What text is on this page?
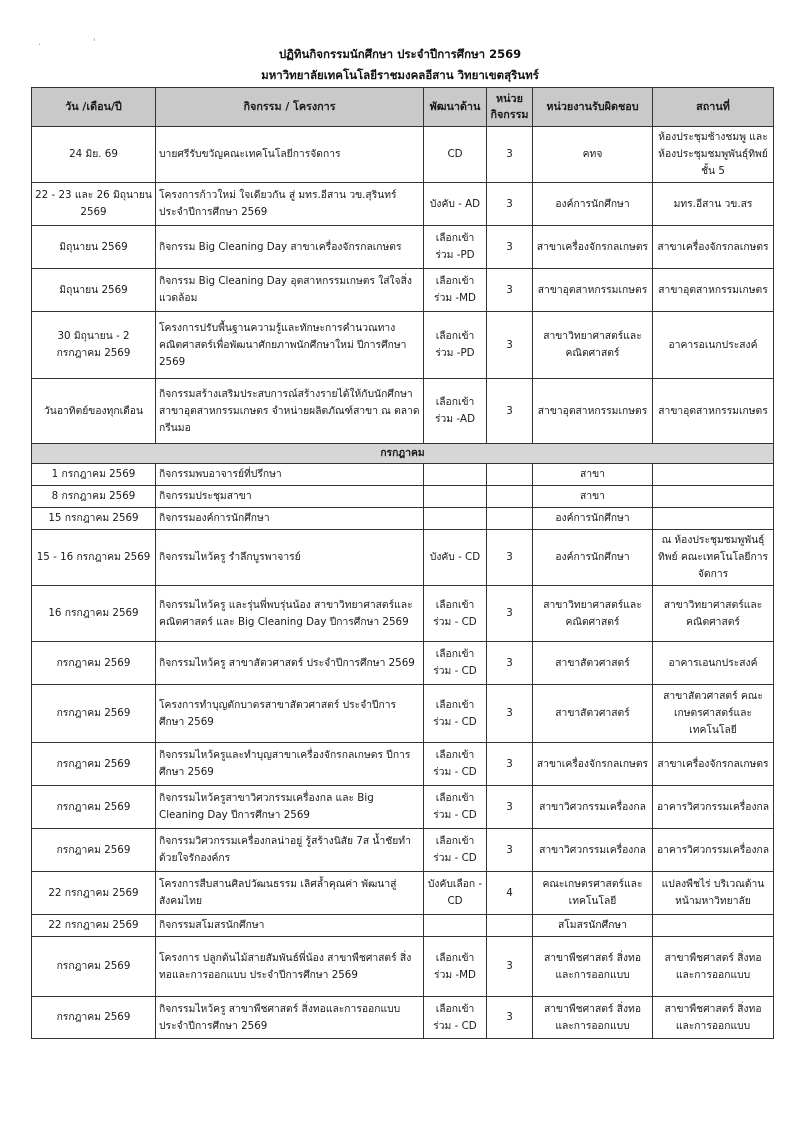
·	'
ปฏิทินกิจกรรมนักศึกษา ประจำปีการศึกษา 2569
มหาวิทยาลัยเทคโนโลยีราชมงคลอีสาน วิทยาเขตสุรินทร์
วัน /เดือน/ปี	กิจกรรม / โครงการ	พัฒนาด้าน	หน่วยกิจกรรม	หน่วยงานรับผิดชอบ	สถานที่
24 มิย. 69	บายศรีรับขวัญคณะเทคโนโลยีการจัดการ	CD	3	คทจ	ห้องประชุมช้างชมพู และห้องประชุมชมพูพันธุ์ทิพย์ ชั้น 5
22 - 23 และ 26 มิถุนายน 2569	โครงการก้าวใหม่ ใจเดียวกัน สู่ มทร.อีสาน วข.สุรินทร์ ประจำปีการศึกษา 2569	บังคับ - AD	3	องค์การนักศึกษา	มทร.อีสาน วข.สร
มิถุนายน 2569	กิจกรรม Big Cleaning Day สาขาเครื่องจักรกลเกษตร	เลือกเข้าร่วม -PD	3	สาขาเครื่องจักรกลเกษตร	สาขาเครื่องจักรกลเกษตร
มิถุนายน 2569	กิจกรรม Big Cleaning Day อุตสาหกรรมเกษตร ใส่ใจสิ่งแวดล้อม	เลือกเข้าร่วม -MD	3	สาขาอุตสาหกรรมเกษตร	สาขาอุตสาหกรรมเกษตร
30 มิถุนายน - 2 กรกฎาคม 2569	โครงการปรับพื้นฐานความรู้และทักษะการคำนวณทางคณิตศาสตร์เพื่อพัฒนาศักยภาพนักศึกษาใหม่ ปีการศึกษา 2569	เลือกเข้าร่วม -PD	3	สาขาวิทยาศาสตร์และคณิตศาสตร์	อาคารอเนกประสงค์
วันอาทิตย์ของทุกเดือน	กิจกรรมสร้างเสริมประสบการณ์สร้างรายได้ให้กับนักศึกษาสาขาอุตสาหกรรมเกษตร จำหน่ายผลิตภัณฑ์สาขา ณ ตลาดกรีนมอ	เลือกเข้าร่วม -AD	3	สาขาอุตสาหกรรมเกษตร	สาขาอุตสาหกรรมเกษตร
กรกฎาคม					
1 กรกฎาคม 2569	กิจกรรมพบอาจารย์ที่ปรึกษา			สาขา	
8 กรกฎาคม 2569	กิจกรรมประชุมสาขา			สาขา	
15 กรกฎาคม 2569	กิจกรรมองค์การนักศึกษา			องค์การนักศึกษา	
15 - 16 กรกฎาคม 2569	กิจกรรมไหว้ครู รำลึกบูรพาจารย์	บังคับ - CD	3	องค์การนักศึกษา	ณ ห้องประชุมชมพูพันธุ์ทิพย์ คณะเทคโนโลยีการจัดการ
16 กรกฎาคม 2569	กิจกรรมไหว้ครู และรุ่นพี่พบรุ่นน้อง สาขาวิทยาศาสตร์และคณิตศาสตร์ และ Big Cleaning Day ปีการศึกษา 2569	เลือกเข้าร่วม - CD	3	สาขาวิทยาศาสตร์และคณิตศาสตร์	สาขาวิทยาศาสตร์และคณิตศาสตร์
กรกฎาคม 2569	กิจกรรมไหว้ครู สาขาสัตวศาสตร์ ประจำปีการศึกษา 2569	เลือกเข้าร่วม - CD	3	สาขาสัตวศาสตร์	อาคารเอนกประสงค์
กรกฎาคม 2569	โครงการทำบุญตักบาตรสาขาสัตวศาสตร์ ประจำปีการศึกษา 2569	เลือกเข้าร่วม - CD	3	สาขาสัตวศาสตร์	สาขาสัตวศาสตร์ คณะเกษตรศาสตร์และเทคโนโลยี
กรกฎาคม 2569	กิจกรรมไหว้ครูและทำบุญสาขาเครื่องจักรกลเกษตร ปีการศึกษา 2569	เลือกเข้าร่วม - CD	3	สาขาเครื่องจักรกลเกษตร	สาขาเครื่องจักรกลเกษตร
กรกฎาคม 2569	กิจกรรมไหว้ครูสาขาวิศวกรรมเครื่องกล และ Big Cleaning Day ปีการศึกษา 2569	เลือกเข้าร่วม - CD	3	สาขาวิศวกรรมเครื่องกล	อาคารวิศวกรรมเครื่องกล
กรกฎาคม 2569	กิจกรรมวิศวกรรมเครื่องกลน่าอยู่ รู้สร้างนิสัย 7ส น้ำชัยทำด้วยใจรักองค์กร	เลือกเข้าร่วม - CD	3	สาขาวิศวกรรมเครื่องกล	อาคารวิศวกรรมเครื่องกล
22 กรกฎาคม 2569	โครงการสืบสานศิลปวัฒนธรรม เลิศล้ำคุณค่า พัฒนาสู่สังคมไทย	บังคับเลือก - CD	4	คณะเกษตรศาสตร์และเทคโนโลยี	แปลงพืชไร่ บริเวณด้านหน้ามหาวิทยาลัย
22 กรกฎาคม 2569	กิจกรรมสโมสรนักศึกษา			สโมสรนักศึกษา	
กรกฎาคม 2569	โครงการ ปลูกต้นไม้สายสัมพันธ์พี่น้อง สาขาพืชศาสตร์ สิ่งทอและการออกแบบ ประจำปีการศึกษา 2569	เลือกเข้าร่วม -MD	3	สาขาพืชศาสตร์ สิ่งทอและการออกแบบ	สาขาพืชศาสตร์ สิ่งทอและการออกแบบ
กรกฎาคม 2569	กิจกรรมไหว้ครู สาขาพืชศาสตร์ สิ่งทอและการออกแบบ ประจำปีการศึกษา 2569	เลือกเข้าร่วม - CD	3	สาขาพืชศาสตร์ สิ่งทอและการออกแบบ	สาขาพืชศาสตร์ สิ่งทอและการออกแบบ
